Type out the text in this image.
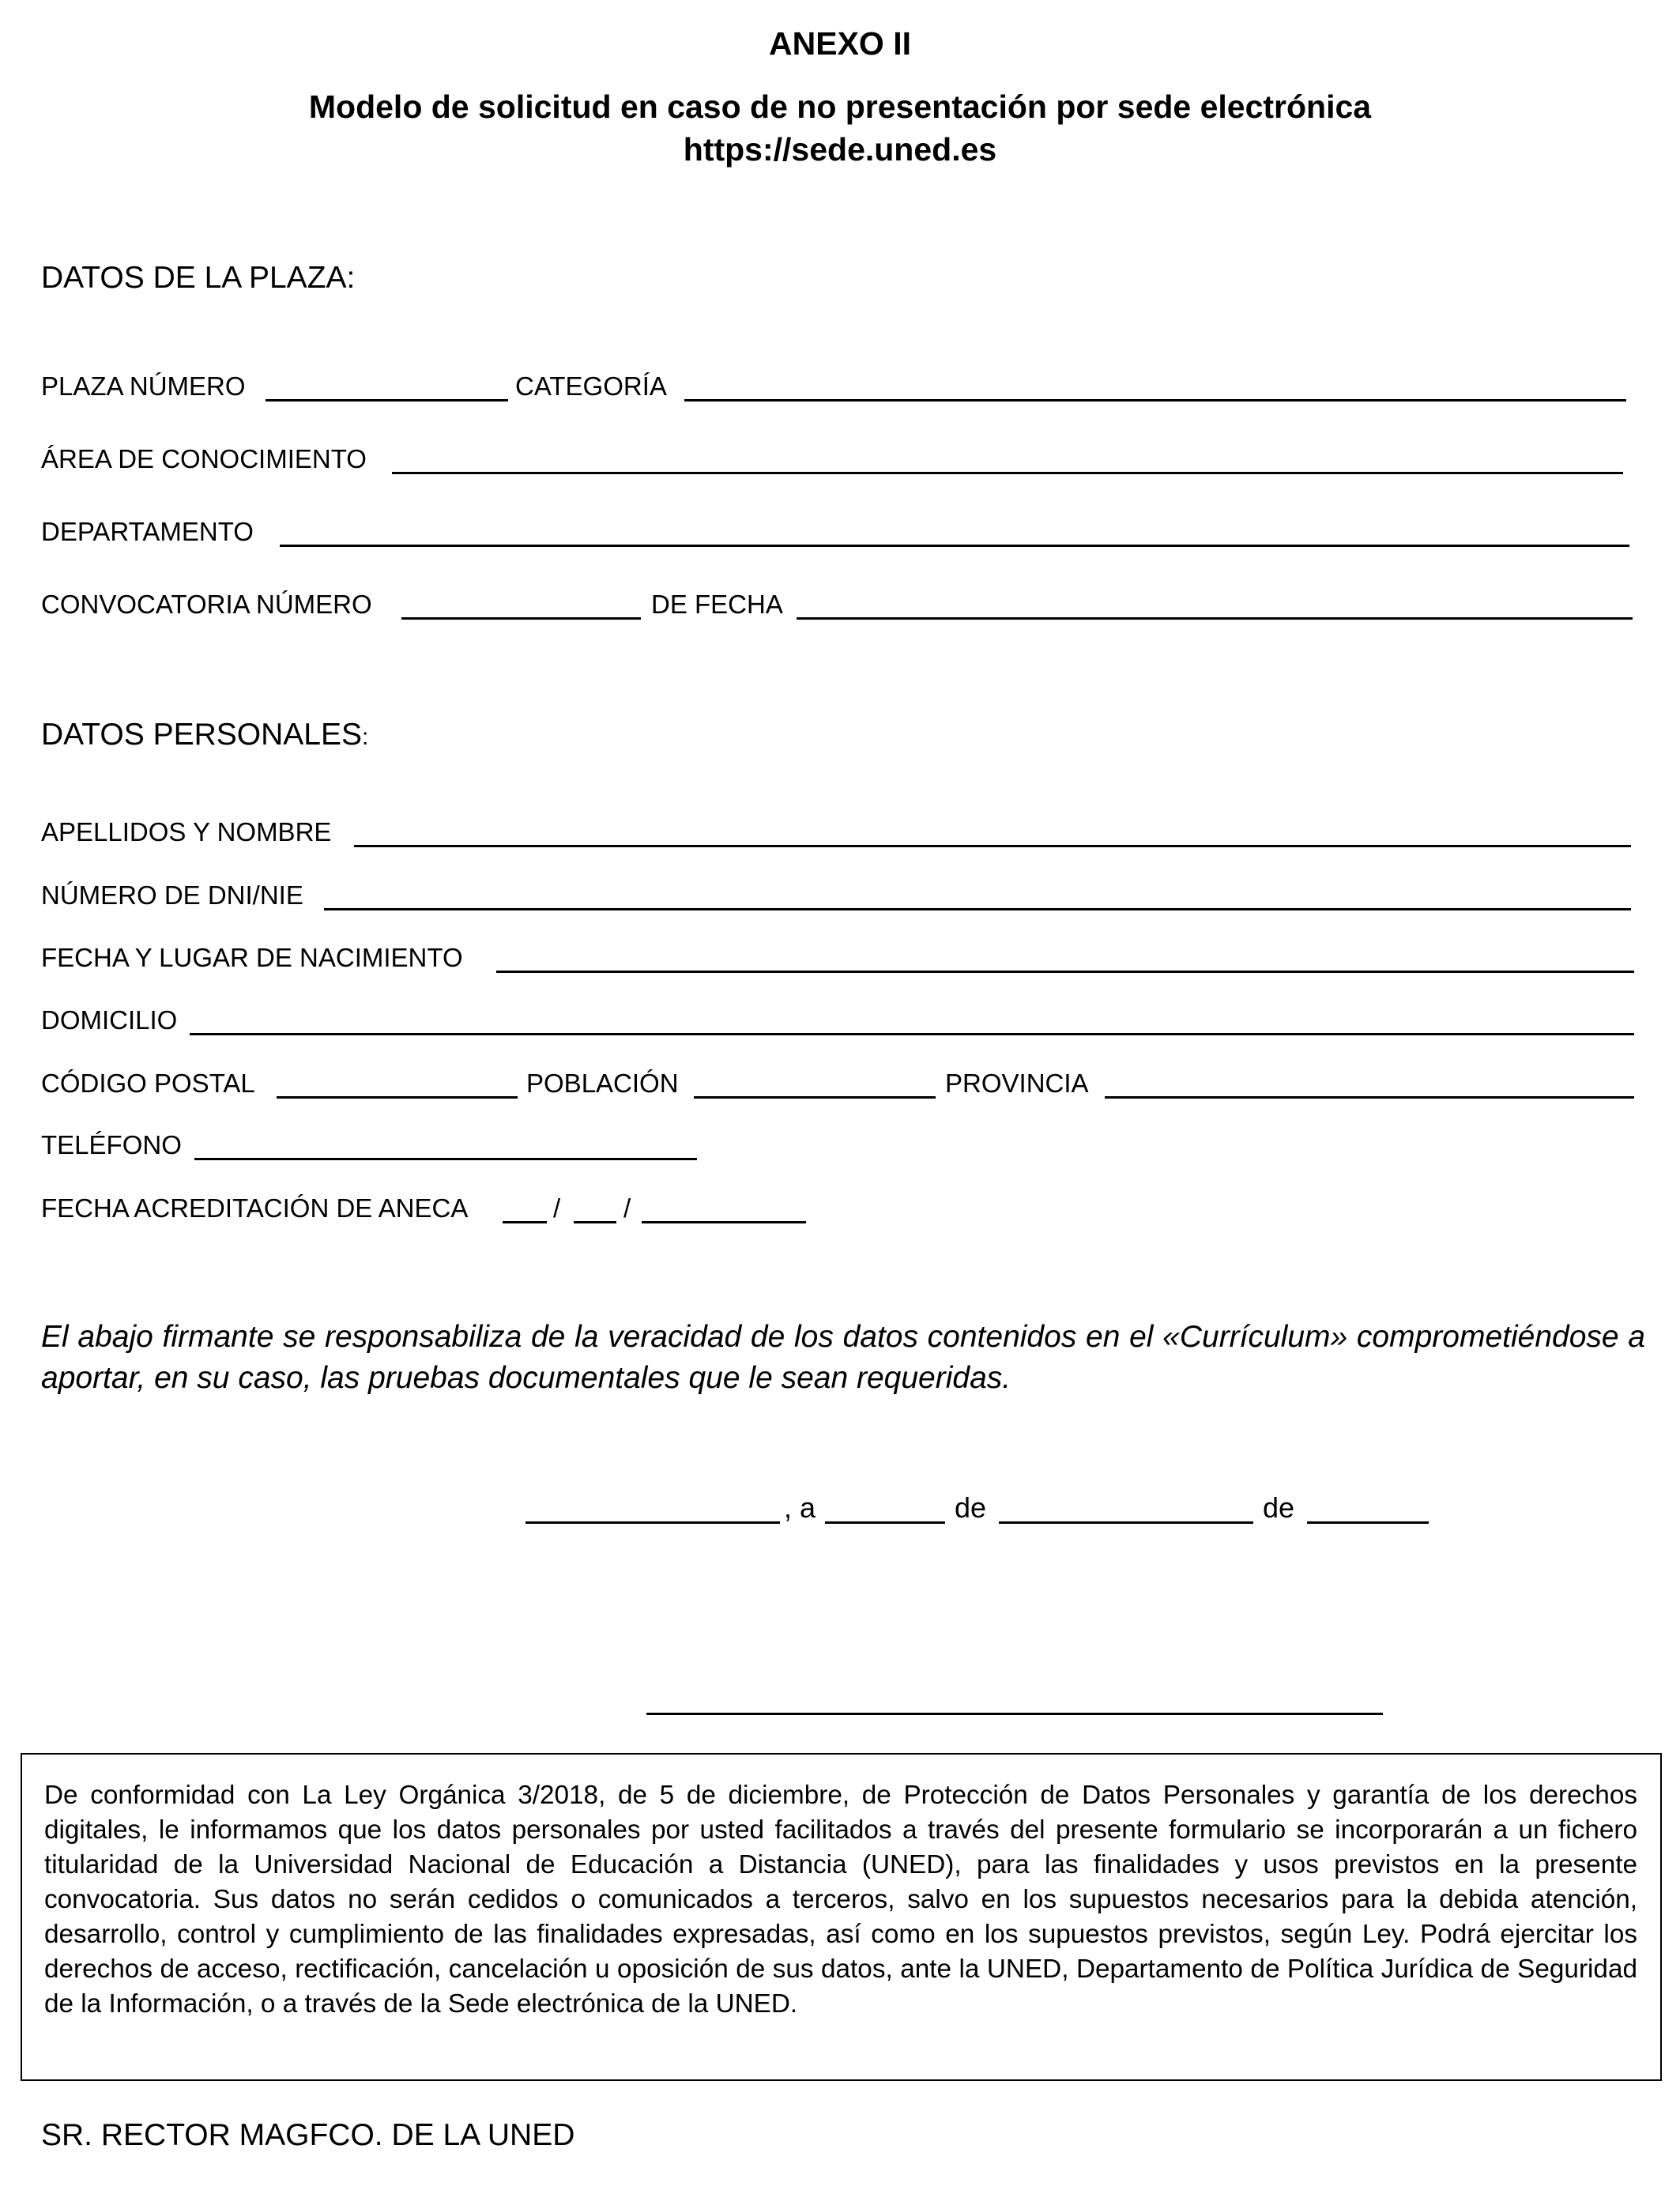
ANEXO II
Modelo de solicitud en caso de no presentación por sede electrónica
https://sede.uned.es
DATOS DE LA PLAZA:
PLAZA NÚMERO	CATEGORÍA
ÁREA DE CONOCIMIENTO
DEPARTAMENTO
CONVOCATORIA NÚMERO	DE FECHA
DATOS PERSONALES:
APELLIDOS Y NOMBRE
NÚMERO DE DNI/NIE
FECHA Y LUGAR DE NACIMIENTO
DOMICILIO
CÓDIGO POSTAL	POBLACIÓN	PROVINCIA
TELÉFONO
FECHA ACREDITACIÓN DE ANECA	/ /
El abajo firmante se responsabiliza de la veracidad de los datos contenidos en el «Currículum» comprometiéndose a aportar, en su caso, las pruebas documentales que le sean requeridas.
, a	de	de
De conformidad con La Ley Orgánica 3/2018, de 5 de diciembre, de Protección de Datos Personales y garantía de los derechos digitales, le informamos que los datos personales por usted facilitados a través del presente formulario se incorporarán a un fichero titularidad de la Universidad Nacional de Educación a Distancia (UNED), para las finalidades y usos previstos en la presente convocatoria. Sus datos no serán cedidos o comunicados a terceros, salvo en los supuestos necesarios para la debida atención, desarrollo, control y cumplimiento de las finalidades expresadas, así como en los supuestos previstos, según Ley. Podrá ejercitar los derechos de acceso, rectificación, cancelación u oposición de sus datos, ante la UNED, Departamento de Política Jurídica de Seguridad de la Información, o a través de la Sede electrónica de la UNED.
SR. RECTOR MAGFCO. DE LA UNED
